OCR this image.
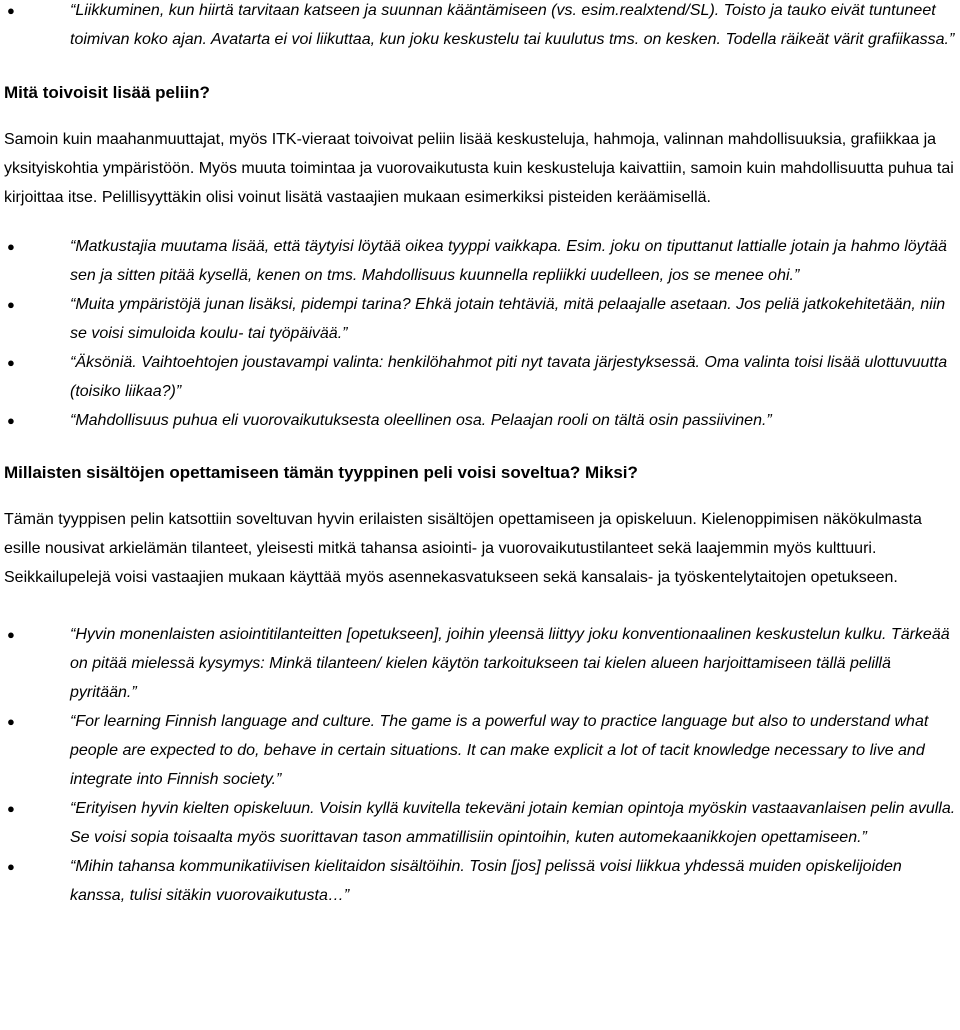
●	“Liikkuminen, kun hiirtä tarvitaan katseen ja suunnan kääntämiseen (vs. esim.realxtend/SL). Toisto ja tauko eivät tuntuneet toimivan koko ajan. Avatarta ei voi liikuttaa, kun joku keskustelu tai kuulutus tms. on kesken. Todella räikeät värit grafiikassa.”
Mitä toivoisit lisää peliin?

Samoin kuin maahanmuuttajat, myös ITK-vieraat toivoivat peliin lisää keskusteluja, hahmoja, valinnan mahdollisuuksia, grafiikkaa ja yksityiskohtia ympäristöön. Myös muuta toimintaa ja vuorovaikutusta kuin keskusteluja kaivattiin, samoin kuin mahdollisuutta puhua tai kirjoittaa itse. Pelillisyyttäkin olisi voinut lisätä vastaajien mukaan esimerkiksi pisteiden keräämisellä.

●	“Matkustajia muutama lisää, että täytyisi löytää oikea tyyppi vaikkapa. Esim. joku on tiputtanut lattialle jotain ja hahmo löytää sen ja sitten pitää kysellä, kenen on tms. Mahdollisuus kuunnella repliikki uudelleen, jos se menee ohi.”
●	“Muita ympäristöjä junan lisäksi, pidempi tarina? Ehkä jotain tehtäviä, mitä pelaajalle asetaan. Jos peliä jatkokehitetään, niin se voisi simuloida koulu- tai työpäivää.”
●	“Äksöniä. Vaihtoehtojen joustavampi valinta: henkilöhahmot piti nyt tavata järjestyksessä. Oma valinta toisi lisää ulottuvuutta (toisiko liikaa?)”
●	“Mahdollisuus puhua eli vuorovaikutuksesta oleellinen osa. Pelaajan rooli on tältä osin passiivinen.”
Millaisten sisältöjen opettamiseen tämän tyyppinen peli voisi soveltua? Miksi?

Tämän tyyppisen pelin katsottiin soveltuvan hyvin erilaisten sisältöjen opettamiseen ja opiskeluun. Kielenoppimisen näkökulmasta esille nousivat arkielämän tilanteet, yleisesti mitkä tahansa asiointi- ja vuorovaikutustilanteet sekä laajemmin myös kulttuuri. Seikkailupelejä voisi vastaajien mukaan käyttää myös asennekasvatukseen sekä kansalais- ja työskentelytaitojen opetukseen.

●	“Hyvin monenlaisten asiointitilanteitten [opetukseen], joihin yleensä liittyy joku konventionaalinen keskustelun kulku. Tärkeää on pitää mielessä kysymys: Minkä tilanteen/ kielen käytön tarkoitukseen tai kielen alueen harjoittamiseen tällä pelillä pyritään.”
●	“For learning Finnish language and culture. The game is a powerful way to practice language but also to understand what people are expected to do, behave in certain situations. It can make explicit a lot of tacit knowledge necessary to live and integrate into Finnish society.”
●	“Erityisen hyvin kielten opiskeluun. Voisin kyllä kuvitella tekeväni jotain kemian opintoja myöskin vastaavanlaisen pelin avulla. Se voisi sopia toisaalta myös suorittavan tason ammatillisiin opintoihin, kuten automekaanikkojen opettamiseen.”
●	“Mihin tahansa kommunikatiivisen kielitaidon sisältöihin. Tosin [jos] pelissä voisi liikkua yhdessä muiden opiskelijoiden kanssa, tulisi sitäkin vuorovaikutusta…”
